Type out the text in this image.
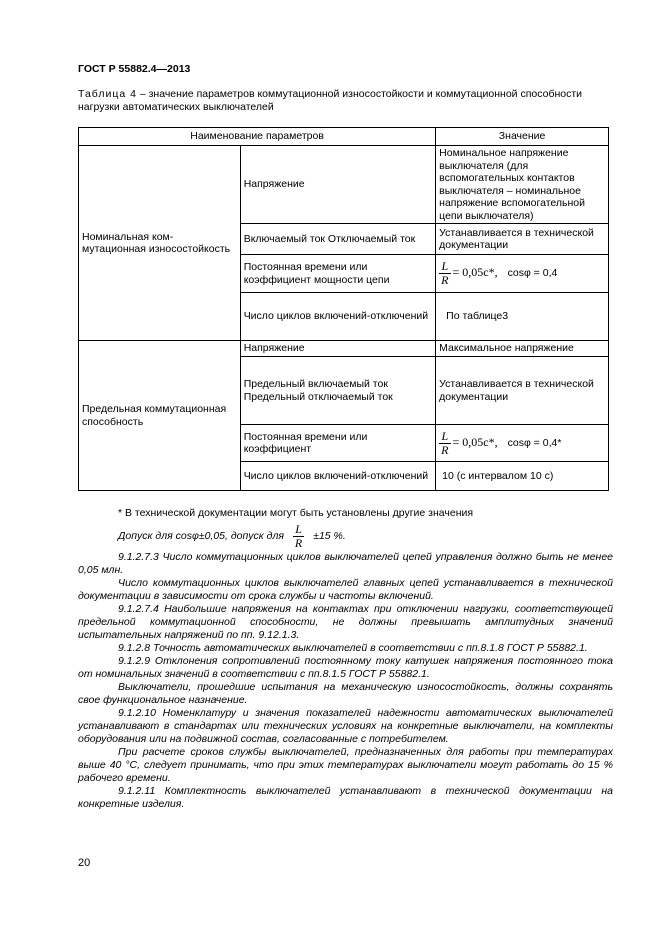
ГОСТ Р 55882.4—2013
Таблица 4 – значение параметров коммутационной износостойкости и коммутационной способности нагрузки автоматических выключателей
Наименование параметров		Значение
Номинальная ком-мутационная износостойкость	Напряжение	Номинальное напряжение выключателя (для вспомогательных контактов выключателя – номинальное напряжение вспомогательной цепи выключателя)
	Включаемый ток Отключаемый ток	Устанавливается в технической документации
	Постоянная времени или коэффициент мощности цепи	$\frac{L}{R} = 0,05c*$, cosφ = 0,4
	Число циклов включений-отключений	По таблице3
Предельная коммутационная способность	Напряжение	Максимальное напряжение
	Предельный включаемый ток Предельный отключаемый ток	Устанавливается в технической документации
	Постоянная времени или коэффициент	$\frac{L}{R} = 0,05c*$, cosφ = 0,4*
	Число циклов включений-отключений	10 (с интервалом 10 с)

* В технической документации могут быть установлены другие значения

Допуск для cosφ±0,05, допуск для $\frac{L}{R} \pm 15$ %.

9.1.2.7.3 Число коммутационных циклов выключателей цепей управления должно быть не менее 0,05 млн.

Число коммутационных циклов выключателей главных цепей устанавливается в технической документации в зависимости от срока службы и частоты включений.

9.1.2.7.4 Наибольшие напряжения на контактах при отключении нагрузки, соответствующей предельной коммутационной способности, не должны превышать амплитудных значений испытательных напряжений по пп. 9.12.1.3.

9.1.2.8 Точность автоматических выключателей в соответствии с пп.8.1.8 ГОСТ Р 55882.1.

9.1.2.9 Отклонения сопротивлений постоянному току катушек напряжения постоянного тока от номинальных значений в соответствии с пп.8.1.5 ГОСТ Р 55882.1.

Выключатели, прошедшие испытания на механическую износостойкость, должны сохранять свое функциональное назначение.

9.1.2.10 Номенклатуру и значения показателей надежности автоматических выключателей устанавливают в стандартах или технических условиях на конкретные выключатели, на комплекты оборудования или на подвижной состав, согласованные с потребителем.

При расчете сроков службы выключателей, предназначенных для работы при температурах выше 40 °С, следует принимать, что при этих температурах выключатели могут работать до 15 % рабочего времени.

9.1.2.11 Комплектность выключателей устанавливают в технической документации на конкретные изделия.

20
